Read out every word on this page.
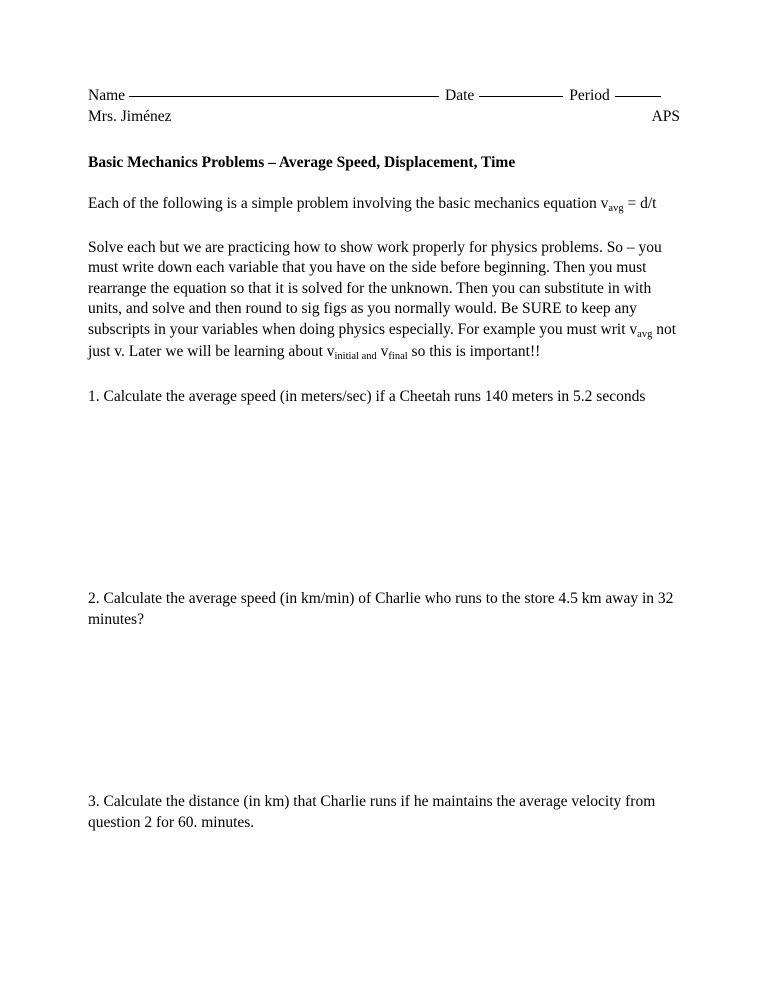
Name	Date	Period
Mrs. Jiménez	APS
Basic Mechanics Problems – Average Speed, Displacement, Time
Each of the following is a simple problem involving the basic mechanics equation $v_{avg} = d/t$
Solve each but we are practicing how to show work properly for physics problems. So – you must write down each variable that you have on the side before beginning. Then you must rearrange the equation so that it is solved for the unknown. Then you can substitute in with units, and solve and then round to sig figs as you normally would. Be SURE to keep any subscripts in your variables when doing physics especially. For example you must writ $v_{avg}$ not just v. Later we will be learning about $v_{initial and}$ $v_{final}$ so this is important!!
1. Calculate the average speed (in meters/sec) if a Cheetah runs 140 meters in 5.2 seconds
2. Calculate the average speed (in km/min) of Charlie who runs to the store 4.5 km away in 32 minutes?
3. Calculate the distance (in km) that Charlie runs if he maintains the average velocity from question 2 for 60. minutes.
